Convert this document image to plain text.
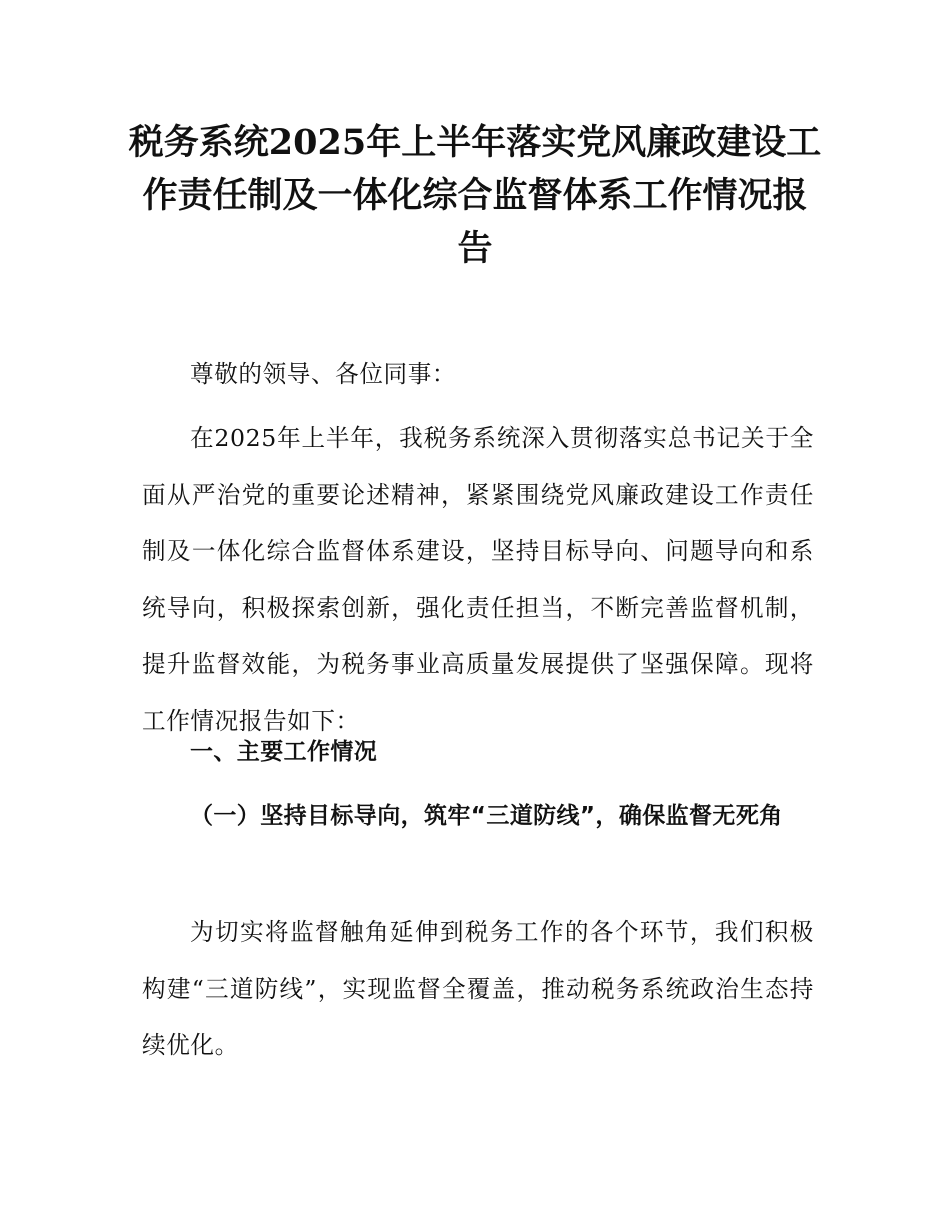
税务系统2025年上半年落实党风廉政建设工
作责任制及一体化综合监督体系工作情况报
告
尊敬的领导、各位同事：
在2025年上半年，我税务系统深入贯彻落实总书记关于全面从严治党的重要论述精神，紧紧围绕党风廉政建设工作责任制及一体化综合监督体系建设，坚持目标导向、问题导向和系统导向，积极探索创新，强化责任担当，不断完善监督机制，提升监督效能，为税务事业高质量发展提供了坚强保障。现将工作情况报告如下：
一、主要工作情况
（一）坚持目标导向，筑牢“三道防线”，确保监督无死角
为切实将监督触角延伸到税务工作的各个环节，我们积极构建“三道防线”，实现监督全覆盖，推动税务系统政治生态持续优化。
